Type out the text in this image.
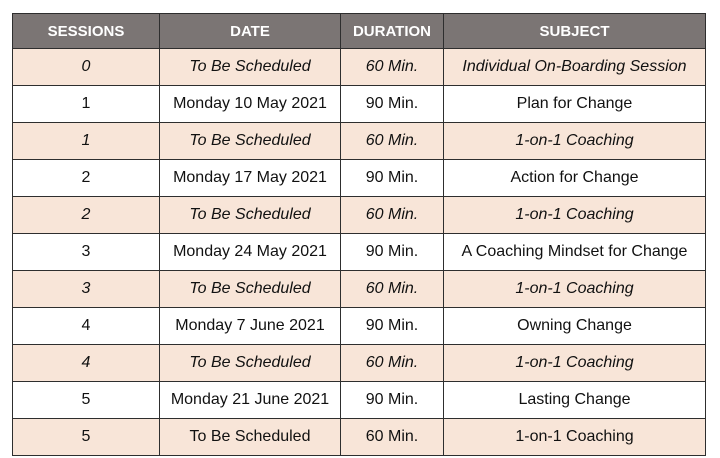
SESSIONS	DATE	DURATION	SUBJECT
0	To Be Scheduled	60 Min.	Individual On-Boarding Session
1	Monday 10 May 2021	90 Min.	Plan for Change
1	To Be Scheduled	60 Min.	1-on-1 Coaching
2	Monday 17 May 2021	90 Min.	Action for Change
2	To Be Scheduled	60 Min.	1-on-1 Coaching
3	Monday 24 May 2021	90 Min.	A Coaching Mindset for Change
3	To Be Scheduled	60 Min.	1-on-1 Coaching
4	Monday 7 June 2021	90 Min.	Owning Change
4	To Be Scheduled	60 Min.	1-on-1 Coaching
5	Monday 21 June 2021	90 Min.	Lasting Change
5	To Be Scheduled	60 Min.	1-on-1 Coaching
